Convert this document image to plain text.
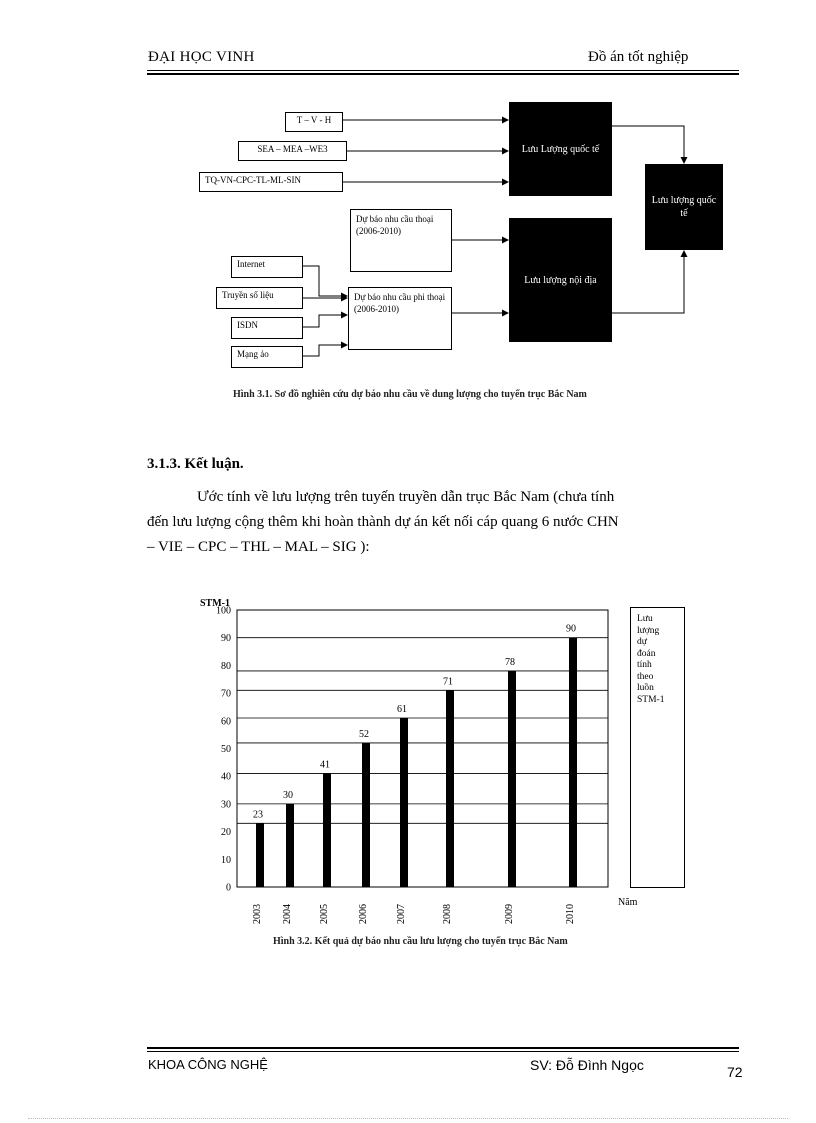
ĐẠI HỌC VINH	Đồ án tốt nghiệp
T – V - H
SEA – MEA –WE3
TQ-VN-CPC-TL-ML-SIN
Lưu Lượng quốc tế
Lưu lượng quốc tế
Lưu lượng nội địa
Dự báo nhu cầu thoại (2006-2010)
Dự báo nhu cầu phi thoại (2006-2010)
Internet
Truyền số liệu
ISDN
Mạng ảo
Hình 3.1. Sơ đồ nghiên cứu dự báo nhu cầu về dung lượng cho tuyến trục Bắc Nam
3.1.3. Kết luận.
Ước tính về lưu lượng trên tuyến truyền dẫn trục Bắc Nam (chưa tính
đến lưu lượng cộng thêm khi hoàn thành dự án kết nối cáp quang 6 nước CHN
– VIE – CPC – THL – MAL – SIG ):
0
10
20
30
40
50
60
70
80
90
100
STM-1
23
2003
30
2004
41
2005
52
2006
61
2007
71
2008
78
2009
90
2010
Năm
Lưu
lượng
dự
đoán
tính
theo
luồn
STM-1
Hình 3.2. Kết quả dự báo nhu cầu lưu lượng cho tuyến trục Bắc Nam
KHOA CÔNG NGHỆ	SV: Đỗ Đình Ngọc	72
